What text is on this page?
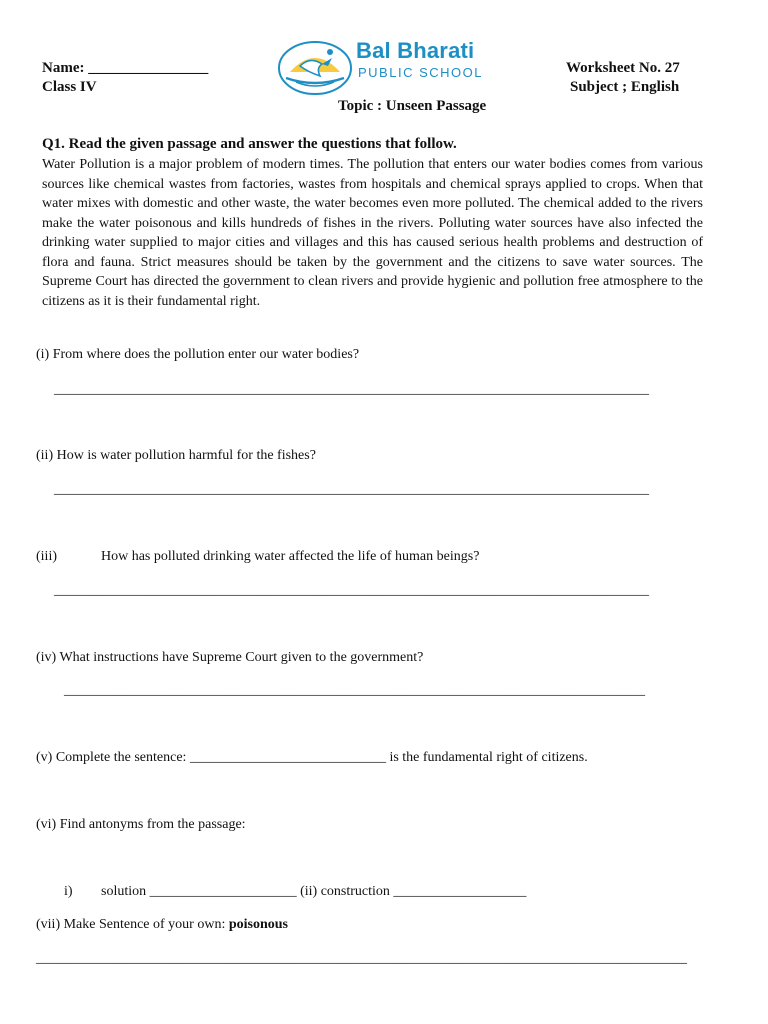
Name: ________________
Class IV
Worksheet No. 27
Subject ; English
Bal Bharati
PUBLIC SCHOOL
Topic : Unseen Passage
Q1. Read the given passage and answer the questions that follow.
Water Pollution is a major problem of modern times. The pollution that enters our water bodies comes from various sources like chemical wastes from factories, wastes from hospitals and chemical sprays applied to crops. When that water mixes with domestic and other waste, the water becomes even more polluted. The chemical added to the rivers make the water poisonous and kills hundreds of fishes in the rivers. Polluting water sources have also infected the drinking water supplied to major cities and villages and this has caused serious health problems and destruction of flora and fauna. Strict measures should be taken by the government and the citizens to save water sources. The Supreme Court has directed the government to clean rivers and provide hygienic and pollution free atmosphere to the citizens as it is their fundamental right.
(i) From where does the pollution enter our water bodies?
_____________________________________________________________________________________
(ii) How is water pollution harmful for the fishes?
_____________________________________________________________________________________
(iii)	How has polluted drinking water affected the life of human beings?
_____________________________________________________________________________________
(iv) What instructions have Supreme Court given to the government?
___________________________________________________________________________________
(v) Complete the sentence: ____________________________ is the fundamental right of citizens.
(vi) Find antonyms from the passage:
i) solution _____________________ (ii) construction ___________________
(vii) Make Sentence of your own: poisonous
_____________________________________________________________________________________________
